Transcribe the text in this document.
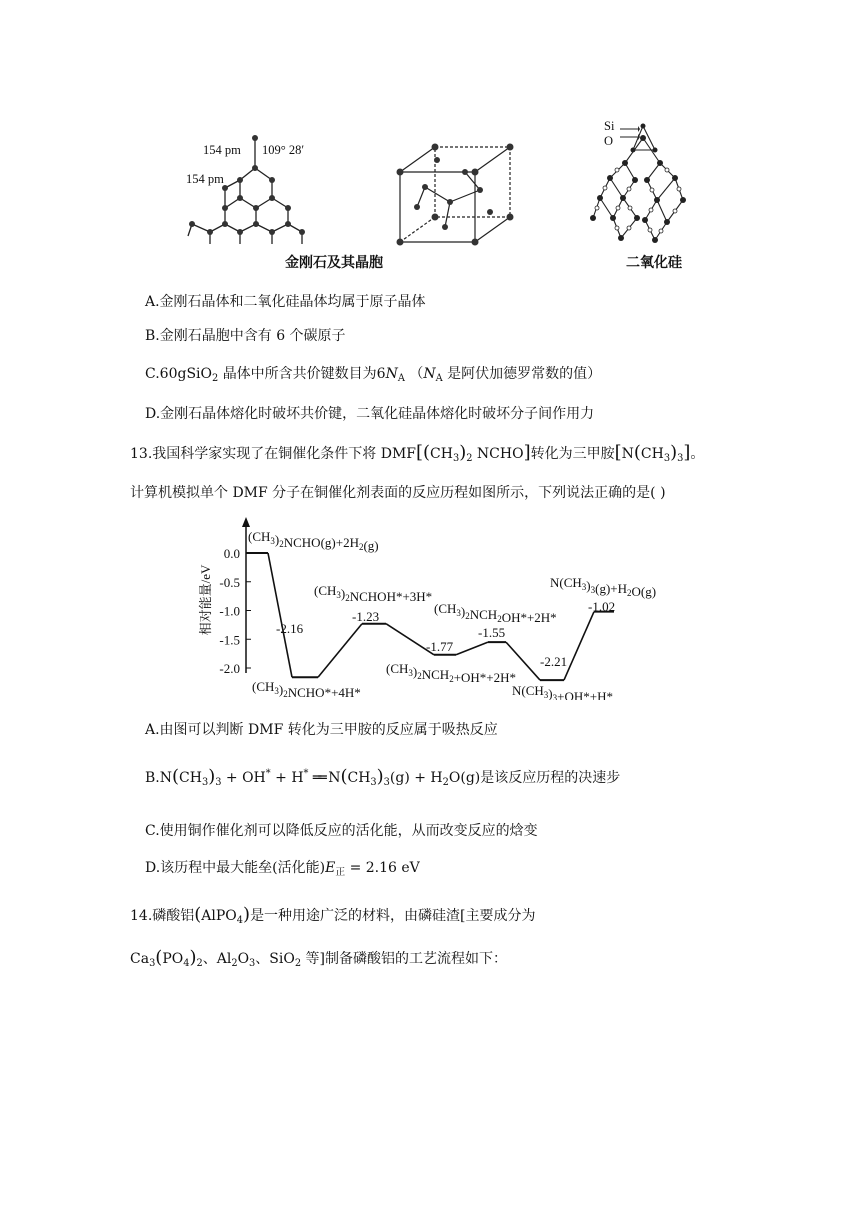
154 pm 109° 28′
154 pm
金刚石及其晶胞
Si
O
二氧化硅
A.金刚石晶体和二氧化硅晶体均属于原子晶体
B.金刚石晶胞中含有 6 个碳原子
C.60gSiO$_2$ 晶体中所含共价键数目为$6N_A$ （$N_A$ 是阿伏加德罗常数的值）
D.金刚石晶体熔化时破坏共价键，二氧化硅晶体熔化时破坏分子间作用力
13.我国科学家实现了在铜催化条件下将 $DMF[(CH_3)_2$ NCHO]转化为三甲胺$[N(CH_3)_3]$。
计算机模拟单个 DMF 分子在铜催化剂表面的反应历程如图所示，下列说法正确的是( )
0.0
-0.5
-1.0
-1.5
-2.0
相对能量/eV	-2.16
-1.23
-1.77
-1.55
-2.21
-1.02
$(CH_3)_2NCHO(g)+2H_2(g)$
$(CH_3)_2NCHO*+4H*$
$(CH_3)_2NCHOH*+3H*$
$(CH_3)_2NCH_2OH*+2H*$
$(CH_3)_2NCH_2+OH*+2H*$
$N(CH_3)_3+OH*+H*$
$N(CH_3)_3(g)+H_2O(g)$
A.由图可以判断 DMF 转化为三甲胺的反应属于吸热反应
$B.N(CH_3)_3 + OH^* + H^*$ ══ $N(CH_3)_3(g) + H_2O(g)$是该反应历程的决速步
C.使用铜作催化剂可以降低反应的活化能，从而改变反应的焓变
D.该历程中最大能垒(活化能)$E_正 = 2.16$ eV
14.磷酸铝(AlPO$_4$)是一种用途广泛的材料，由磷硅渣[主要成分为
$Ca_3(PO_4)_2$、$Al_2O_3$、SiO$_2$ 等]制备磷酸铝的工艺流程如下：
